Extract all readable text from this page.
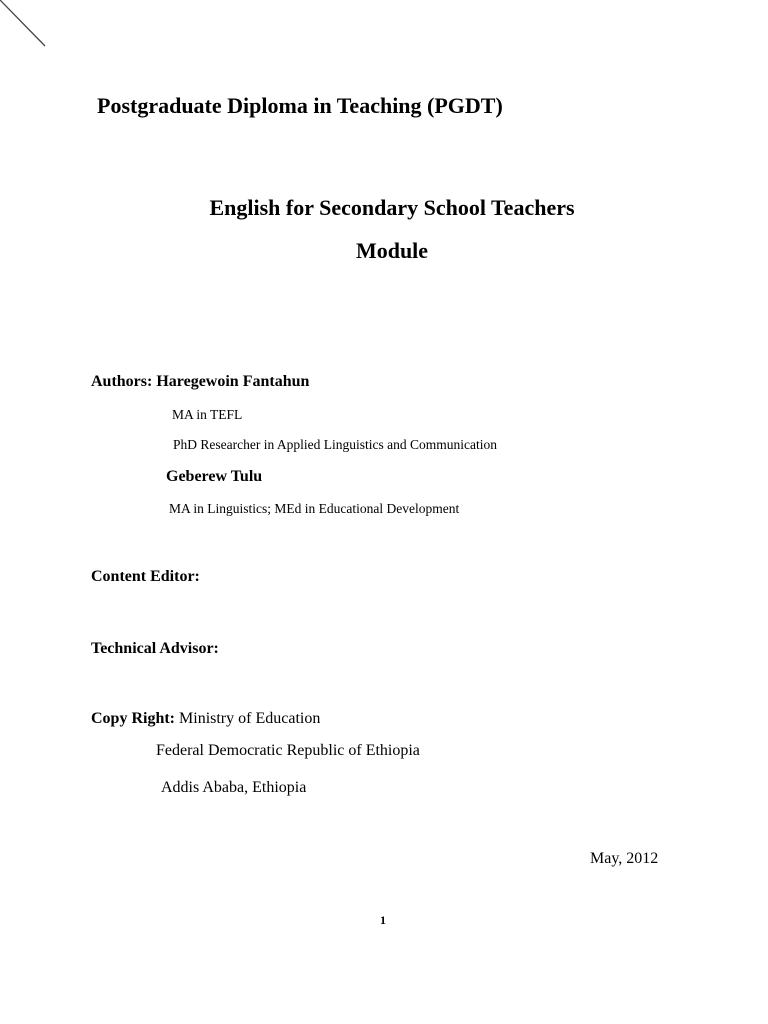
Postgraduate Diploma in Teaching (PGDT)
English for Secondary School Teachers
Module
Authors: Haregewoin Fantahun
MA in TEFL
PhD Researcher in Applied Linguistics and Communication
Geberew Tulu
MA in Linguistics; MEd in Educational Development
Content Editor:
Technical Advisor:
Copy Right: Ministry of Education
Federal Democratic Republic of Ethiopia
Addis Ababa, Ethiopia
May, 2012
1
